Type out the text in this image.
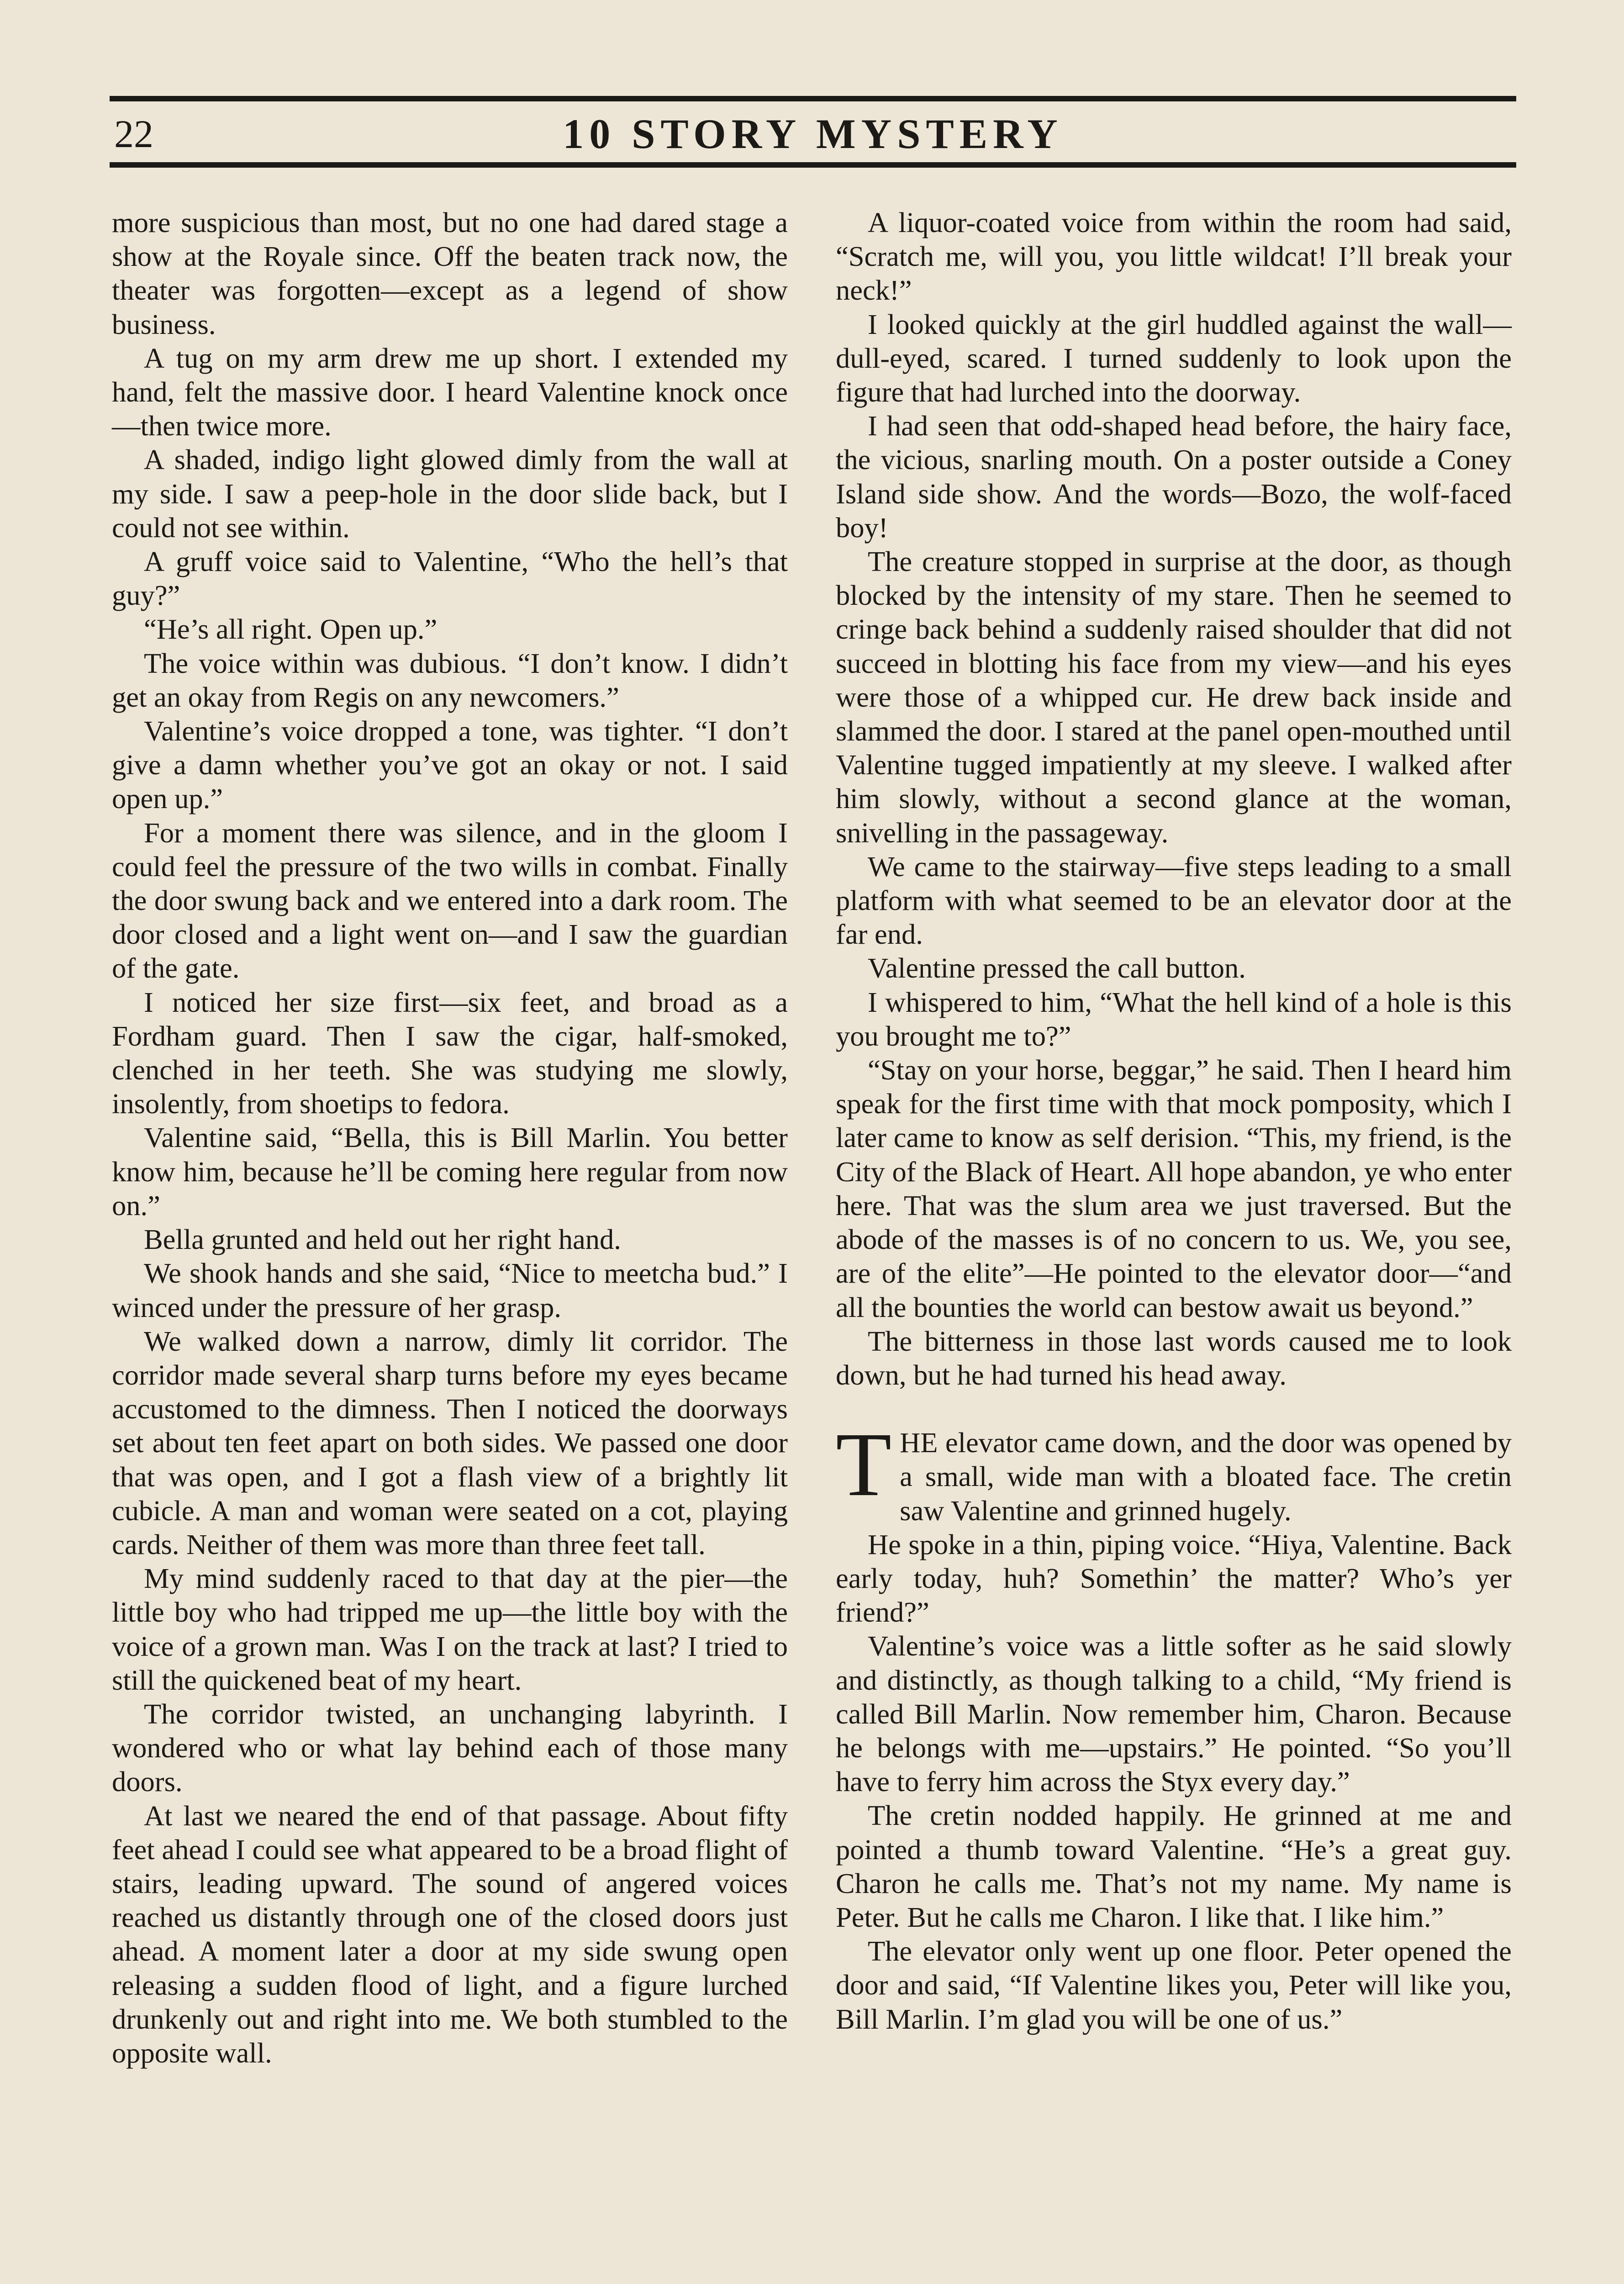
22	10 STORY MYSTERY

more suspicious than most, but no one had dared stage a show at the Royale since. Off the beaten track now, the theater was forgotten—except as a legend of show business.

A tug on my arm drew me up short. I extended my hand, felt the massive door. I heard Valentine knock once—then twice more.

A shaded, indigo light glowed dimly from the wall at my side. I saw a peep-hole in the door slide back, but I could not see within.

A gruff voice said to Valentine, “Who the hell’s that guy?”

“He’s all right. Open up.”

The voice within was dubious. “I don’t know. I didn’t get an okay from Regis on any newcomers.”

Valentine’s voice dropped a tone, was tighter. “I don’t give a damn whether you’ve got an okay or not. I said open up.”

For a moment there was silence, and in the gloom I could feel the pressure of the two wills in combat. Finally the door swung back and we entered into a dark room. The door closed and a light went on—and I saw the guardian of the gate.

I noticed her size first—six feet, and broad as a Fordham guard. Then I saw the cigar, half-smoked, clenched in her teeth. She was studying me slowly, insolently, from shoetips to fedora.

Valentine said, “Bella, this is Bill Marlin. You better know him, because he’ll be coming here regular from now on.”

Bella grunted and held out her right hand.

We shook hands and she said, “Nice to meetcha bud.” I winced under the pressure of her grasp.

We walked down a narrow, dimly lit corridor. The corridor made several sharp turns before my eyes became accustomed to the dimness. Then I noticed the doorways set about ten feet apart on both sides. We passed one door that was open, and I got a flash view of a brightly lit cubicle. A man and woman were seated on a cot, playing cards. Neither of them was more than three feet tall.

My mind suddenly raced to that day at the pier—the little boy who had tripped me up—the little boy with the voice of a grown man. Was I on the track at last? I tried to still the quickened beat of my heart.

The corridor twisted, an unchanging labyrinth. I wondered who or what lay behind each of those many doors.

At last we neared the end of that passage. About fifty feet ahead I could see what appeared to be a broad flight of stairs, leading upward. The sound of angered voices reached us distantly through one of the closed doors just ahead. A moment later a door at my side swung open releasing a sudden flood of light, and a figure lurched drunkenly out and right into me. We both stumbled to the opposite wall.

A liquor-coated voice from within the room had said, “Scratch me, will you, you little wildcat! I’ll break your neck!”

I looked quickly at the girl huddled against the wall—dull-eyed, scared. I turned suddenly to look upon the figure that had lurched into the doorway.

I had seen that odd-shaped head before, the hairy face, the vicious, snarling mouth. On a poster outside a Coney Island side show. And the words—Bozo, the wolf-faced boy!

The creature stopped in surprise at the door, as though blocked by the intensity of my stare. Then he seemed to cringe back behind a suddenly raised shoulder that did not succeed in blotting his face from my view—and his eyes were those of a whipped cur. He drew back inside and slammed the door. I stared at the panel open-mouthed until Valentine tugged impatiently at my sleeve. I walked after him slowly, without a second glance at the woman, snivelling in the passageway.

We came to the stairway—five steps leading to a small platform with what seemed to be an elevator door at the far end.

Valentine pressed the call button.

I whispered to him, “What the hell kind of a hole is this you brought me to?”

“Stay on your horse, beggar,” he said. Then I heard him speak for the first time with that mock pomposity, which I later came to know as self derision. “This, my friend, is the City of the Black of Heart. All hope abandon, ye who enter here. That was the slum area we just traversed. But the abode of the masses is of no concern to us. We, you see, are of the elite”—He pointed to the elevator door—“and all the bounties the world can bestow await us beyond.”

The bitterness in those last words caused me to look down, but he had turned his head away.

THE elevator came down, and the door was opened by a small, wide man with a bloated face. The cretin saw Valentine and grinned hugely.

He spoke in a thin, piping voice. “Hiya, Valentine. Back early today, huh? Somethin’ the matter? Who’s yer friend?”

Valentine’s voice was a little softer as he said slowly and distinctly, as though talking to a child, “My friend is called Bill Marlin. Now remember him, Charon. Because he belongs with me—upstairs.” He pointed. “So you’ll have to ferry him across the Styx every day.”

The cretin nodded happily. He grinned at me and pointed a thumb toward Valentine. “He’s a great guy. Charon he calls me. That’s not my name. My name is Peter. But he calls me Charon. I like that. I like him.”

The elevator only went up one floor. Peter opened the door and said, “If Valentine likes you, Peter will like you, Bill Marlin. I’m glad you will be one of us.”
